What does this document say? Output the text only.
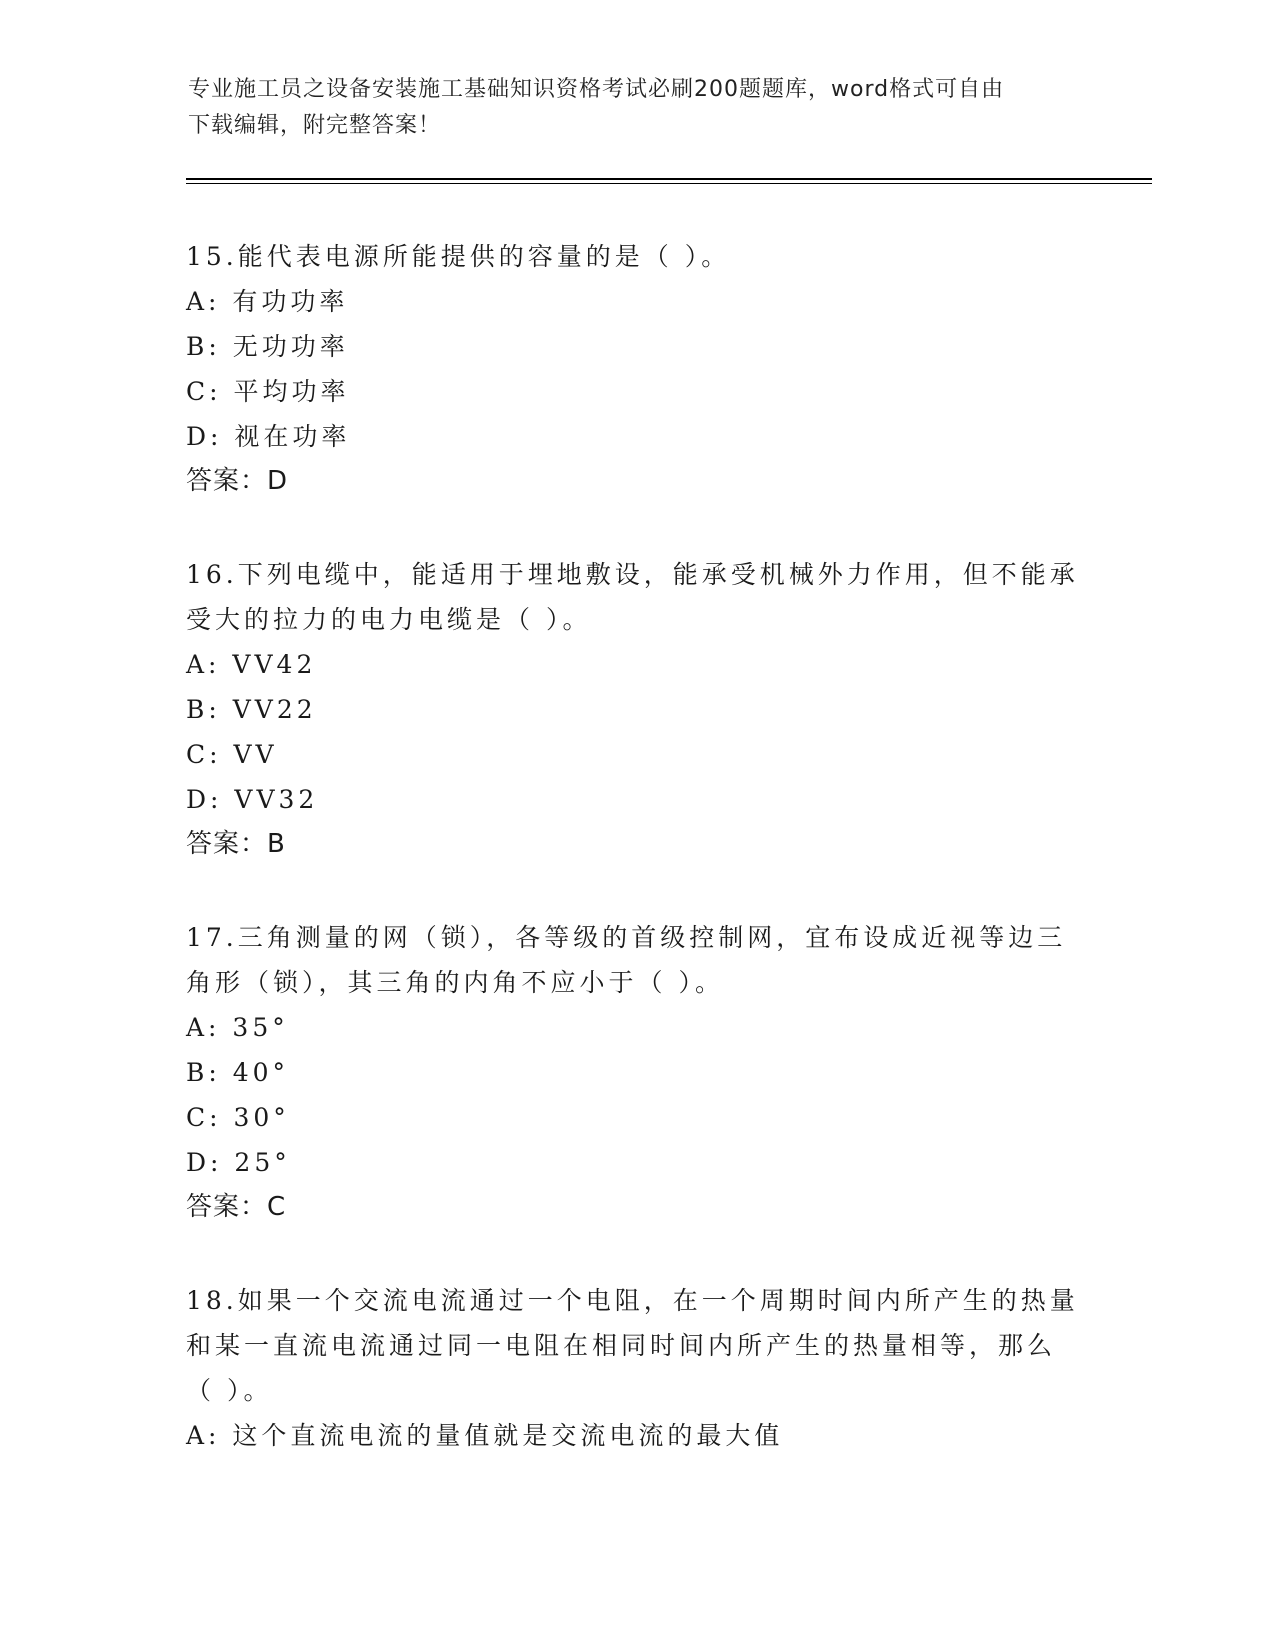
专业施工员之设备安装施工基础知识资格考试必刷200题题库，word格式可自由
下载编辑，附完整答案！
15.能代表电源所能提供的容量的是（ ）。
A: 有功功率
B: 无功功率
C: 平均功率
D: 视在功率
答案：D
16.下列电缆中，能适用于埋地敷设，能承受机械外力作用，但不能承
受大的拉力的电力电缆是（ ）。
A: VV42
B: VV22
C: VV
D: VV32
答案：B
17.三角测量的网（锁），各等级的首级控制网，宜布设成近视等边三
角形（锁），其三角的内角不应小于（ ）。
A: 35°
B: 40°
C: 30°
D: 25°
答案：C
18.如果一个交流电流通过一个电阻，在一个周期时间内所产生的热量
和某一直流电流通过同一电阻在相同时间内所产生的热量相等，那么
（ ）。
A: 这个直流电流的量值就是交流电流的最大值
